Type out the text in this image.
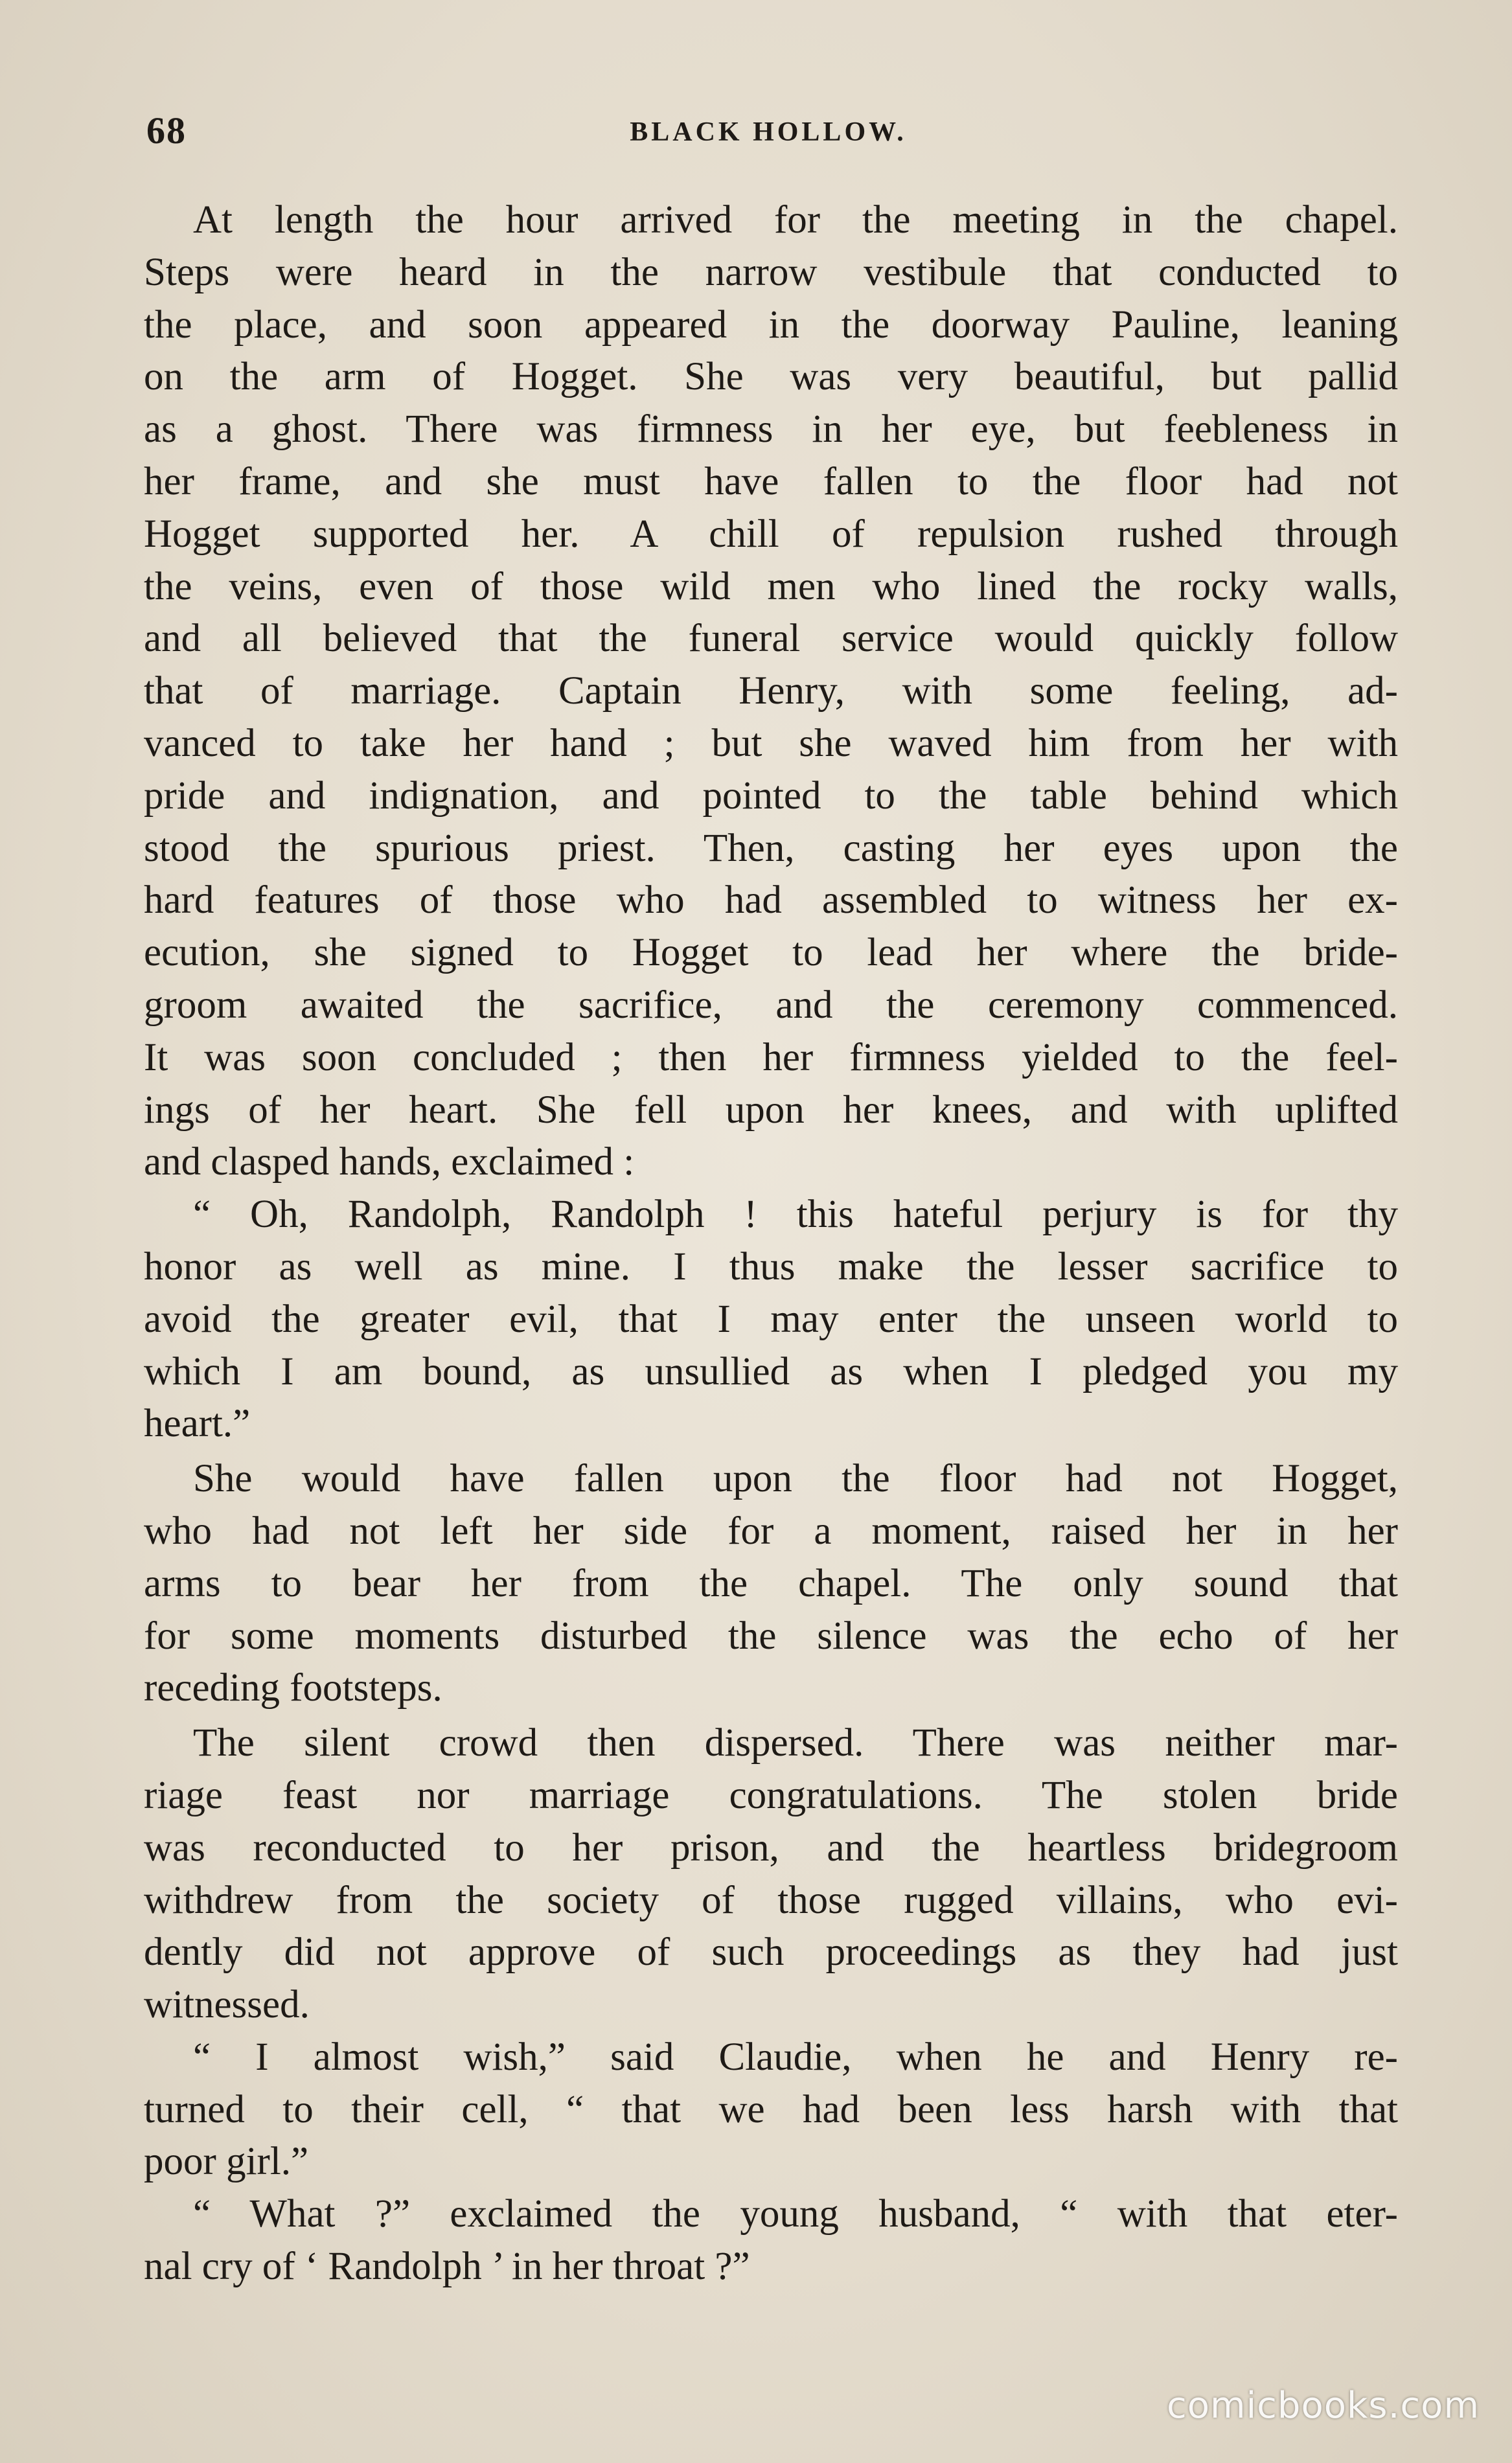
68	BLACK HOLLOW.
At length the hour arrived for the meeting in the chapel.
Steps were heard in the narrow vestibule that conducted to
the place, and soon appeared in the doorway Pauline, leaning
on the arm of Hogget. She was very beautiful, but pallid
as a ghost. There was firmness in her eye, but feebleness in
her frame, and she must have fallen to the floor had not
Hogget supported her. A chill of repulsion rushed through
the veins, even of those wild men who lined the rocky walls,
and all believed that the funeral service would quickly follow
that of marriage. Captain Henry, with some feeling, ad-
vanced to take her hand ; but she waved him from her with
pride and indignation, and pointed to the table behind which
stood the spurious priest. Then, casting her eyes upon the
hard features of those who had assembled to witness her ex-
ecution, she signed to Hogget to lead her where the bride-
groom awaited the sacrifice, and the ceremony commenced.
It was soon concluded ; then her firmness yielded to the feel-
ings of her heart. She fell upon her knees, and with uplifted
and clasped hands, exclaimed :
“ Oh, Randolph, Randolph ! this hateful perjury is for thy
honor as well as mine. I thus make the lesser sacrifice to
avoid the greater evil, that I may enter the unseen world to
which I am bound, as unsullied as when I pledged you my
heart.”
She would have fallen upon the floor had not Hogget,
who had not left her side for a moment, raised her in her
arms to bear her from the chapel. The only sound that
for some moments disturbed the silence was the echo of her
receding footsteps.
The silent crowd then dispersed. There was neither mar-
riage feast nor marriage congratulations. The stolen bride
was reconducted to her prison, and the heartless bridegroom
withdrew from the society of those rugged villains, who evi-
dently did not approve of such proceedings as they had just
witnessed.
“ I almost wish,” said Claudie, when he and Henry re-
turned to their cell, “ that we had been less harsh with that
poor girl.”
“ What ?” exclaimed the young husband, “ with that eter-
nal cry of ‘ Randolph ’ in her throat ?”
comicbooks.com
